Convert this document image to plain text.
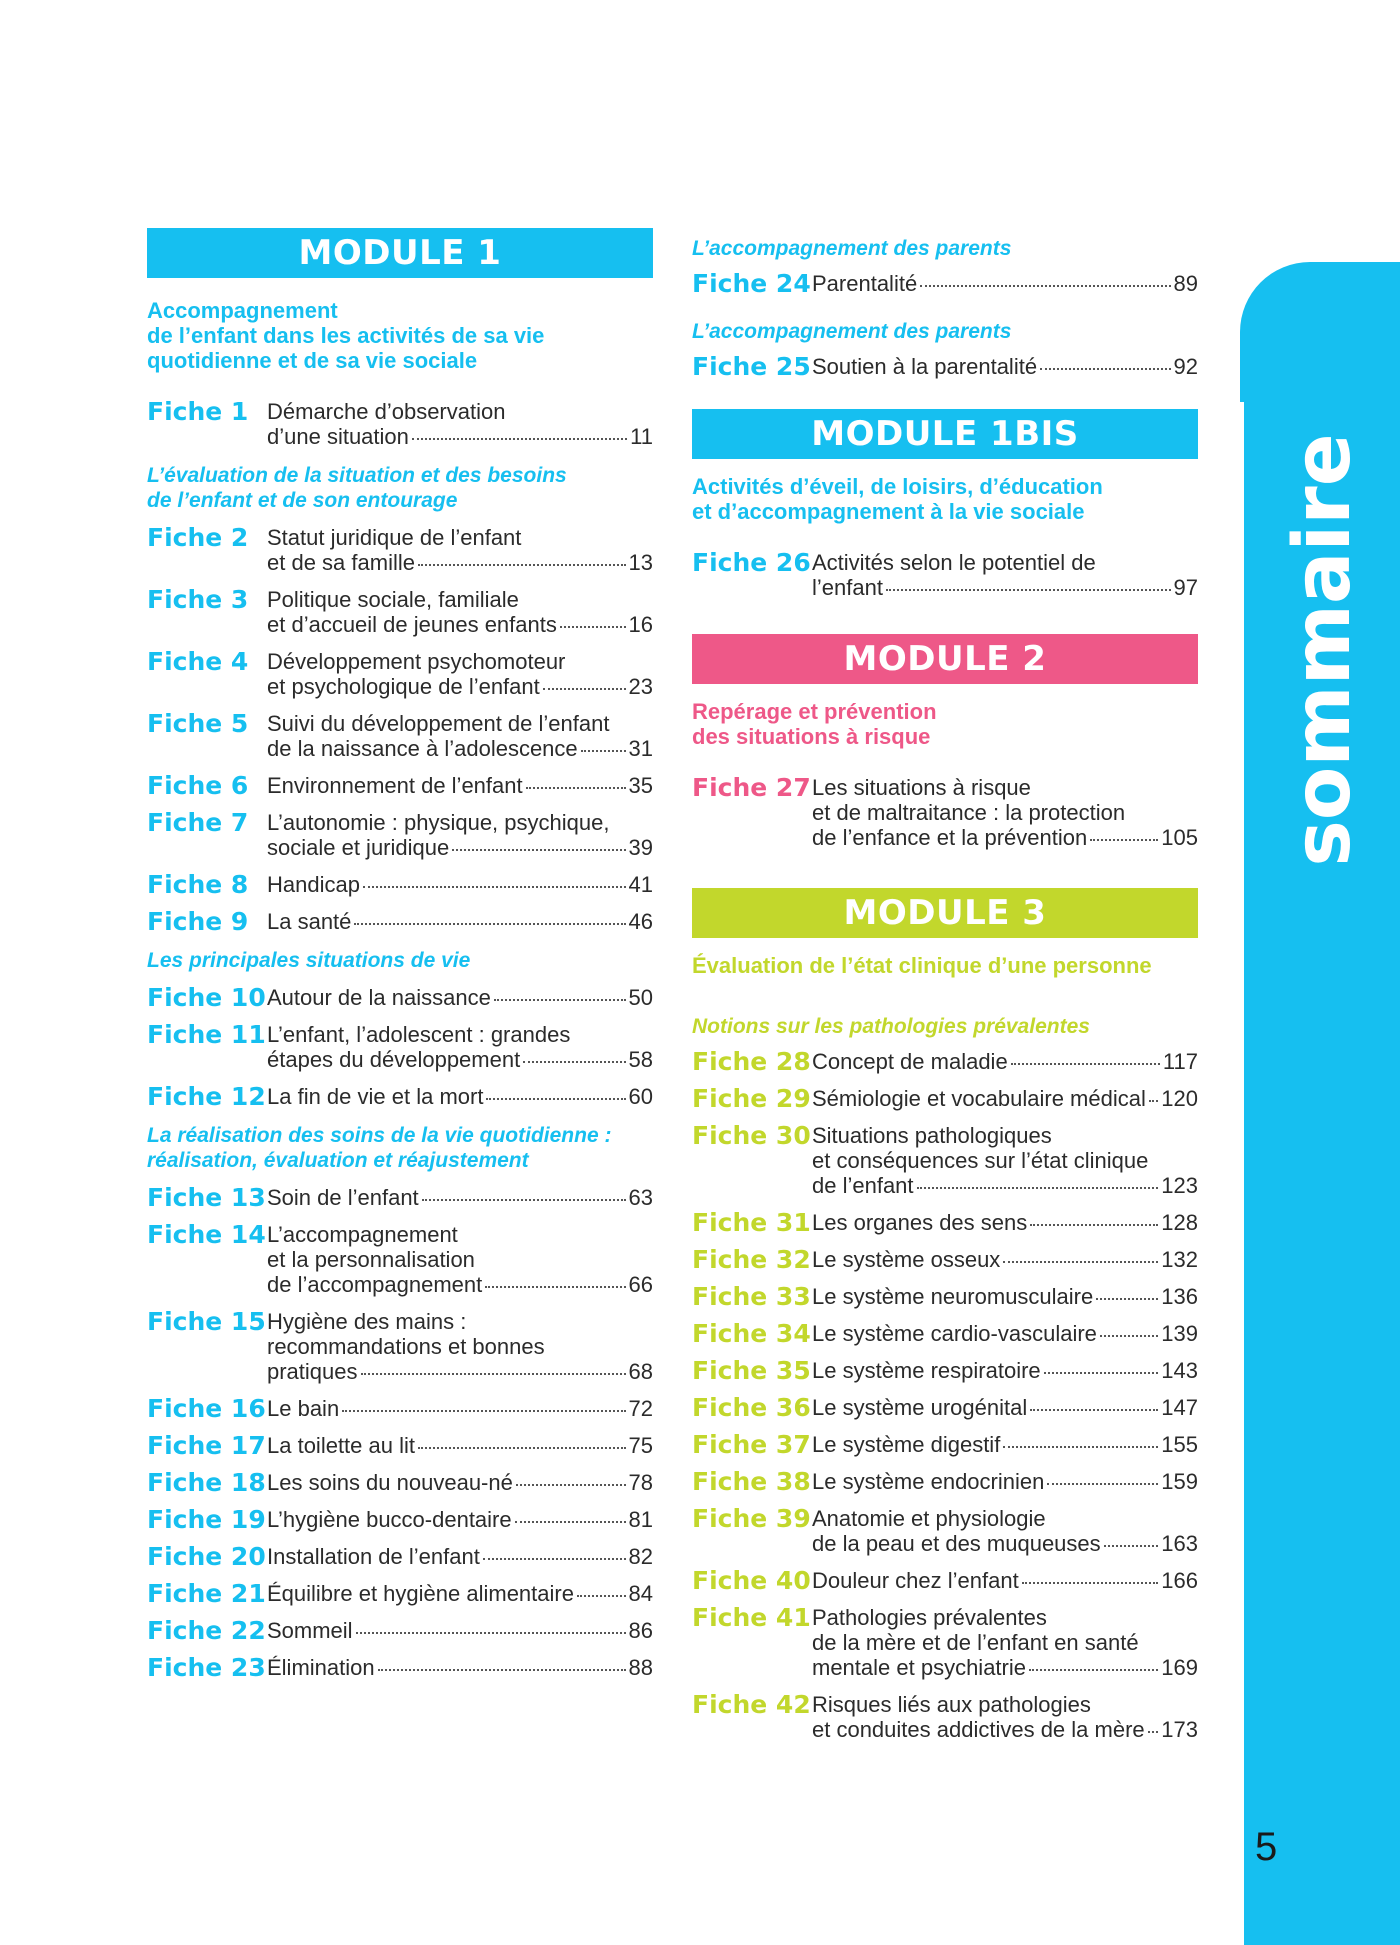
MODULE 1
Accompagnement
de l’enfant dans les activités de sa vie
quotidienne et de sa vie sociale
Fiche 1 Démarche d’observation
d’une situation	11
L’évaluation de la situation et des besoins
de l’enfant et de son entourage
Fiche 2 Statut juridique de l’enfant
et de sa famille	13
Fiche 3 Politique sociale, familiale
et d’accueil de jeunes enfants	16
Fiche 4 Développement psychomoteur
et psychologique de l’enfant	23
Fiche 5 Suivi du développement de l’enfant
de la naissance à l’adolescence 31
Fiche 6 Environnement de l’enfant	35
Fiche 7 L’autonomie : physique, psychique,
sociale et juridique	39
Fiche 8 Handicap	41
Fiche 9 La santé	46
Les principales situations de vie
Fiche 10 Autour de la naissance	50
Fiche 11 L’enfant, l’adolescent : grandes
étapes du développement	58
Fiche 12 La fin de vie et la mort	60
La réalisation des soins de la vie quotidienne :
réalisation, évaluation et réajustement
Fiche 13 Soin de l’enfant	63
Fiche 14 L’accompagnement
et la personnalisation
de l’accompagnement	66
Fiche 15 Hygiène des mains :
recommandations et bonnes
pratiques	68
Fiche 16 Le bain	72
Fiche 17 La toilette au lit	75
Fiche 18 Les soins du nouveau-né	78
Fiche 19 L’hygiène bucco-dentaire	81
Fiche 20 Installation de l’enfant	82
Fiche 21 Équilibre et hygiène alimentaire 84
Fiche 22 Sommeil	86
Fiche 23 Élimination	88
L’accompagnement des parents
Fiche 24 Parentalité	89
L’accompagnement des parents
Fiche 25 Soutien à la parentalité	92
MODULE 1BIS
Activités d’éveil, de loisirs, d’éducation
et d’accompagnement à la vie sociale
Fiche 26 Activités selon le potentiel de
l’enfant	97
MODULE 2
Repérage et prévention
des situations à risque
Fiche 27 Les situations à risque
et de maltraitance : la protection
de l’enfance et la prévention	105
MODULE 3
Évaluation de l’état clinique d’une personne
Notions sur les pathologies prévalentes
Fiche 28 Concept de maladie	117
Fiche 29 Sémiologie et vocabulaire médical 120
Fiche 30 Situations pathologiques
et conséquences sur l’état clinique
de l’enfant	123
Fiche 31 Les organes des sens	128
Fiche 32 Le système osseux	132
Fiche 33 Le système neuromusculaire	136
Fiche 34 Le système cardio-vasculaire	139
Fiche 35 Le système respiratoire	143
Fiche 36 Le système urogénital	147
Fiche 37 Le système digestif	155
Fiche 38 Le système endocrinien	159
Fiche 39 Anatomie et physiologie
de la peau et des muqueuses	163
Fiche 40 Douleur chez l’enfant	166
Fiche 41 Pathologies prévalentes
de la mère et de l’enfant en santé
mentale et psychiatrie	169
Fiche 42 Risques liés aux pathologies
et conduites addictives de la mère 173
sommaire
5
